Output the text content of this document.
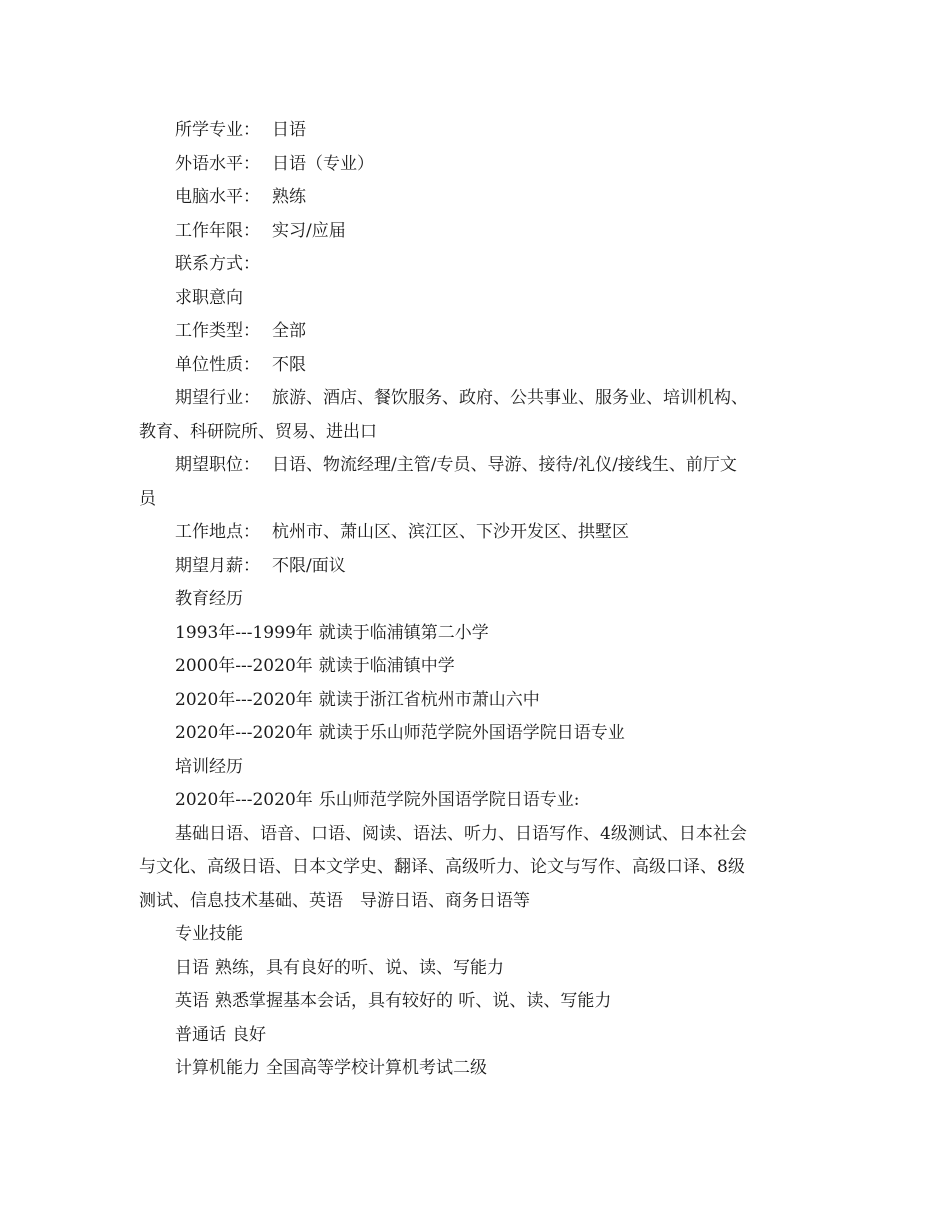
所学专业： 日语
外语水平： 日语（专业）
电脑水平： 熟练
工作年限： 实习/应届
联系方式：
求职意向
工作类型： 全部
单位性质： 不限
期望行业： 旅游、酒店、餐饮服务、政府、公共事业、服务业、培训机构、
教育、科研院所、贸易、进出口
期望职位： 日语、物流经理/主管/专员、导游、接待/礼仪/接线生、前厅文
员
工作地点： 杭州市、萧山区、滨江区、下沙开发区、拱墅区
期望月薪： 不限/面议
教育经历
1993年---1999年 就读于临浦镇第二小学
2000年---2020年 就读于临浦镇中学
2020年---2020年 就读于浙江省杭州市萧山六中
2020年---2020年 就读于乐山师范学院外国语学院日语专业
培训经历
2020年---2020年 乐山师范学院外国语学院日语专业:
基础日语、语音、口语、阅读、语法、听力、日语写作、4级测试、日本社会
与文化、高级日语、日本文学史、翻译、高级听力、论文与写作、高级口译、8级
测试、信息技术基础、英语　导游日语、商务日语等
专业技能
日语 熟练，具有良好的听、说、读、写能力
英语 熟悉掌握基本会话，具有较好的 听、说、读、写能力
普通话 良好
计算机能力 全国高等学校计算机考试二级
